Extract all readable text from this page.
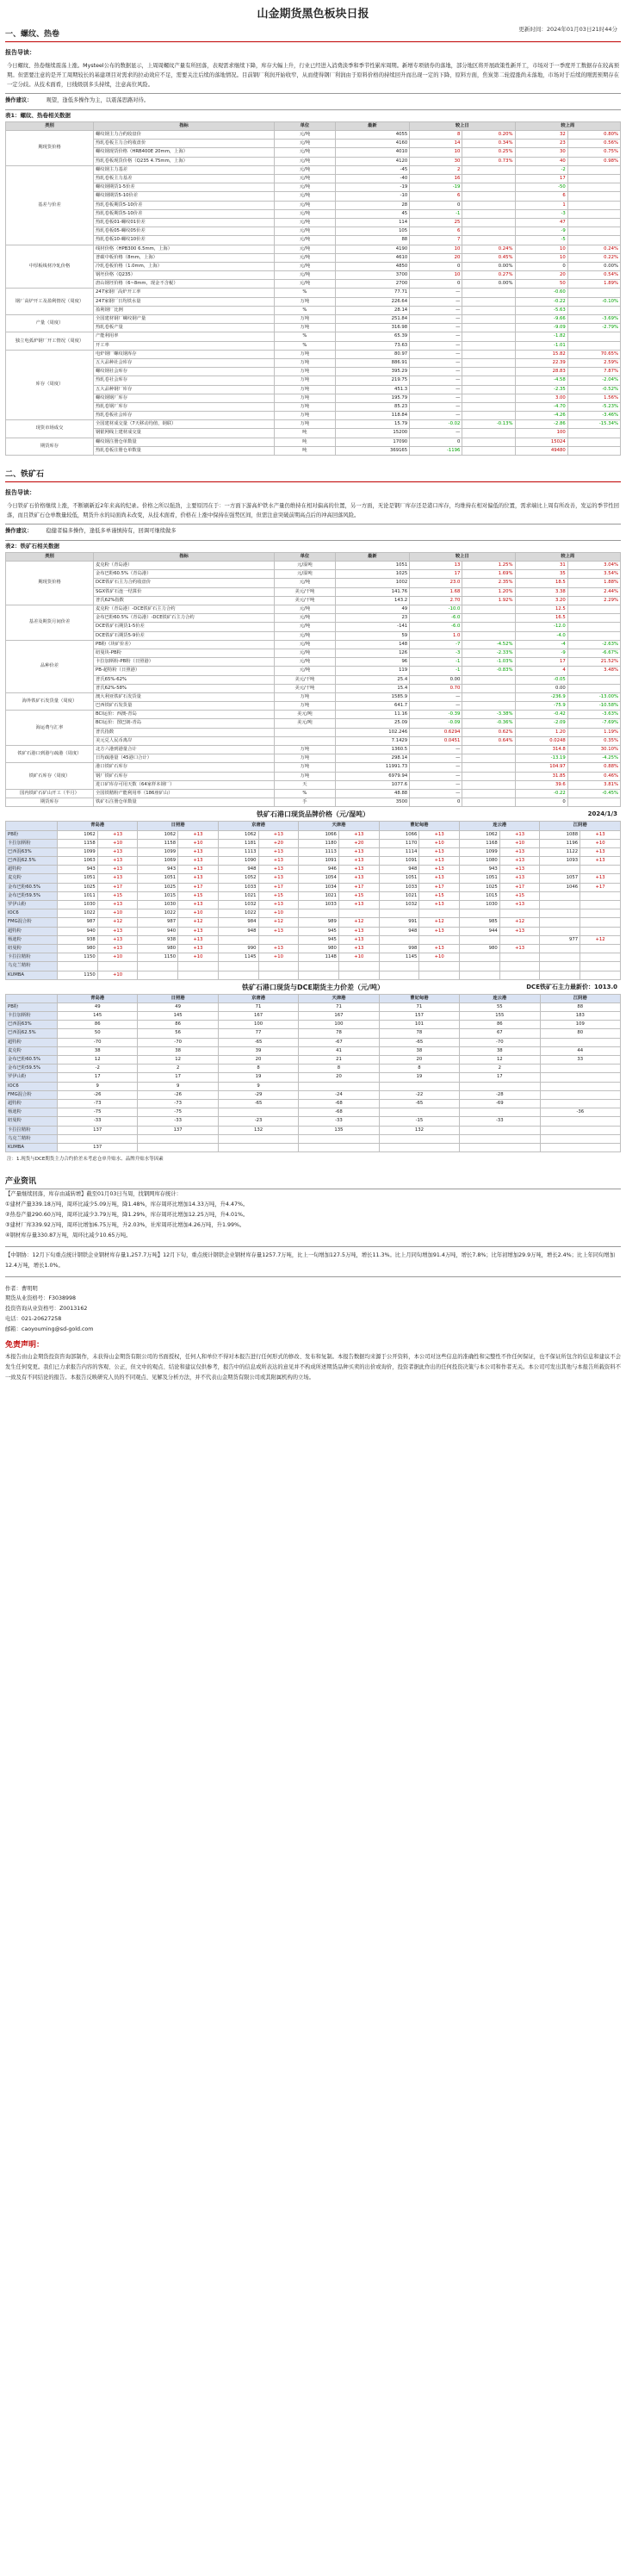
山金期货黑色板块日报
更新时间：2024年01月03日21时44分
一、螺纹、热卷
报告导读：
今日螺纹、热卷继续震荡上涨。Mysteel公布的数据显示，上周周螺纹产量有所回落，表观需求继续下降，库存大幅上升，行业已经进入消费淡季和季节性累库周期。新增专项债券的落地，部分地区将开展政策性新开工，市场对于一季度开工数据存在较高预期。但需要注意的是开工周期较长的基建项目对需求的拉动效应不足，需要关注后续的落地情况。目前钢厂利润开始收窄，从而使得钢厂利润由于原料价格的持续回升而出现一定的下降，原料方面，焦炭第二轮提涨尚未落地，市场对于后续的刚需预期存在一定分歧。从技术面看，日线级别多头持续，注意高位风险。
操作建议：	观望，逢低多操作为主，以震荡思路对待。
表1：螺纹、热卷相关数据
类别	指标	单位	最新	较上日		较上周	
期现货价格	螺纹钢主力合约收盘价	元/吨	4055	8	0.20%	32	0.80%
	热轧卷板主力合约收盘价	元/吨	4160	14	0.34%	23	0.56%
	螺纹钢现货价格（HRB400E 20mm，上海）	元/吨	4010	10	0.25%	30	0.75%
	热轧卷板现货价格（Q235 4.75mm，上海）	元/吨	4120	30	0.73%	40	0.98%
基差与价差	螺纹钢主力基差	元/吨	-45	2		-2	
	热轧卷板主力基差	元/吨	-40	16		17	
	螺纹钢期货1-5价差	元/吨	-19	-19		-50	
	螺纹钢期货5-10价差	元/吨	-10	6		6	
	热轧卷板期货5-10价差	元/吨	28	0		1	
	热轧卷板期货5-10价差	元/吨	45	-1		-3	
	热轧卷板01-螺纹01价差	元/吨	114	25		47	
	热轧卷板05-螺纹05价差	元/吨	105	6		-9	
	热轧卷板10-螺纹10价差	元/吨	88	7		-5	
中厚板线材冷轧价格	线材价格（HPB300 6.5mm，上海）	元/吨	4190	10	0.24%	10	0.24%
	普碳中板价格（8mm，上海）	元/吨	4610	20	0.45%	10	0.22%
	冷轧卷板价格（1.0mm，上海）	元/吨	4850	0	0.00%	0	0.00%
	钢坯价格（Q235）	元/吨	3700	10	0.27%	20	0.54%
	唐山钢坯价格（6~8mm，现金不含税）	元/吨	2700	0	0.00%	50	1.89%
钢厂高炉开工及盈利情况（周度）	247家钢厂高炉开工率	%	77.71	—		-0.60	
	247家钢厂日均铁水量	万吨	226.64	—		-0.22	-0.10%
	盈利钢厂比例	%	28.14	—		-5.63	
产量（周度）	全国建材钢厂螺纹钢产量	万吨	251.84	—		-9.66	-3.69%
	热轧卷板产量	万吨	316.98	—		-9.09	-2.79%
独立电弧炉钢厂开工情况（周度）	产能利用率	%	65.39	—		-1.82	
	开工率	%	73.63	—		-1.01	
库存（周度）	电炉钢厂螺纹钢库存	万吨	80.97	—		15.82	70.65%
	五大品种社会库存	万吨	886.91	—		22.39	2.59%
	螺纹钢社会库存	万吨	395.29	—		28.83	7.87%
	热轧卷社会库存	万吨	219.75	—		-4.58	-2.04%
	五大品种钢厂库存	万吨	451.3	—		-2.35	-0.52%
	螺纹钢钢厂库存	万吨	195.79	—		3.00	1.56%
	热轧卷钢厂库存	万吨	85.23	—		-4.70	-5.23%
	热轧卷板社会库存	万吨	118.84	—		-4.26	-3.46%
现货市场成交	全国建材成交量（7天移动均值，钢联）	万吨	15.79	-0.02	-0.13%	-2.86	-15.34%
	钢银网线上建材成交量	吨	15200	—		100	
期货库存	螺纹钢注册仓单数量	吨	17090	0		15024	
	热轧卷板注册仓单数量	吨	369165	-1196		49480	
二、铁矿石
报告导读：
今日铁矿石价格继续上涨，不断刷新近2年来高的纪录。价格之所以强劲，主要原因在于：一方面下游高炉铁水产量仍维持在相对偏高的位置，另一方面，无论是钢厂库存还是港口库存，均维持在相对偏低的位置，需求端比上周有所改善，发运的季节性回落，而且铁矿石仓单数量较低，期货升水的局面尚未改变，从技术面看，价格在上涨中保持在强势区间，但需注意突破前期高点后的冲高回落风险。
操作建议：	稳健者偏多操作，逢低多单谨慎持有，回调可继续做多
表2：铁矿石相关数据
类别	指标	单位	最新	较上日		较上周	
期现货价格	麦克粉（青岛港）	元/湿吨	1051	13	1.25%	31	3.04%
	金布巴粉60.5%（青岛港）	元/湿吨	1025	17	1.69%	35	3.54%
	DCE铁矿石主力合约收盘价	元/吨	1002	23.0	2.35%	18.5	1.88%
	SGX铁矿石连一结算价	美元/干吨	141.76	1.68	1.20%	3.38	2.44%
	普氏62%指数	美元/干吨	143.2	2.70	1.92%	3.20	2.29%
基差及期货月间价差	麦克粉（青岛港）-DCE铁矿石主力合约	元/吨	49	-10.0		12.5	
	金布巴粉60.5%（青岛港）-DCE铁矿石主力合约	元/吨	23	-6.0		16.5	
	DCE铁矿石期货1-5价差	元/吨	-141	-6.0		-12.0	
	DCE铁矿石期货5-9价差	元/吨	59	1.0		-4.0	
品种价差	PB粉（块矿价差）	元/吨	148	-7	-4.52%	-4	-2.63%
	纽曼块-PB粉	元/吨	126	-3	-2.33%	-9	-6.67%
	卡拉加斯粉-PB粉（日照港）	元/吨	96	-1	-1.03%	17	21.52%
	PB-超特粉（日照港）	元/吨	119	-1	-0.83%	4	3.48%
	普氏65%-62%	美元/干吨	25.4	0.00		-0.05	
	普氏62%-58%	美元/干吨	15.4	0.70		0.00	
海外铁矿石发货量（周度）	澳大利亚铁矿石发货量	万吨	1585.9	—		-236.9	-13.00%
	巴西铁矿石发货量	万吨	641.7	—		-75.9	-10.58%
海运费与汇率	BCI运价：西澳-青岛	美元/吨	11.16	-0.39	-3.38%	-0.42	-3.63%
	BCI运价：图巴朗-青岛	美元/吨	25.09	-0.09	-0.36%	-2.09	-7.69%
	普氏指数		102.246	0.6294	0.62%	1.20	1.19%
	美元兑人民币离岸		7.1429	0.0451	0.64%	0.0248	0.35%
铁矿石港口到港与疏港（周度）	北方六港到港量合计	万吨	1360.5	—		314.8	30.10%
	日均疏港量（45港口合计）	万吨	298.14	—		-13.19	-4.25%
铁矿石库存（周度）	港口铁矿石库存	万吨	11991.73	—		104.97	0.88%
	钢厂铁矿石库存	万吨	6979.94	—		31.85	0.46%
	进口矿库存可用天数（64家样本钢厂）	天	1077.6	—		39.6	3.81%
国内铁矿石矿山开工（半月）	全国铁精粉产能利用率（186座矿山）	%	48.88	—		-0.22	-0.45%
期货库存	铁矿石注册仓单数量	手	3500	0		0	
铁矿石港口现货品牌价格（元/湿吨）	2024/1/3
	青岛港		日照港		京唐港		天津港		曹妃甸港		连云港		江阴港	
PB粉	1062	+13	1062	+13	1062	+13	1066	+13	1066	+13	1062	+13	1088	+13
卡拉加斯粉	1158	+10	1158	+10	1181	+20	1180	+20	1170	+10	1168	+10	1196	+10
巴西混63%	1099	+13	1099	+13	1113	+13	1113	+13	1114	+13	1099	+13	1122	+13
巴西混62.5%	1063	+13	1069	+13	1090	+13	1091	+13	1091	+13	1080	+13	1093	+13
超特粉	943	+13	943	+13	948	+13	946	+13	948	+13	943	+13		
麦克粉	1051	+13	1051	+13	1052	+13	1054	+13	1051	+13	1051	+13	1057	+13
金布巴粉60.5%	1025	+17	1025	+17	1033	+17	1034	+17	1033	+17	1025	+17	1046	+17
金布巴粉59.5%	1011	+15	1015	+15	1021	+15	1021	+15	1021	+15	1015	+15		
罗伊山粉	1030	+13	1030	+13	1032	+13	1033	+13	1032	+13	1030	+13		
IOC6	1022	+10	1022	+10	1022	+10								
FMG混合粉	987	+12	987	+12	984	+12	989	+12	991	+12	985	+12		
超特粉	940	+13	940	+13	948	+13	945	+13	948	+13	944	+13		
杨迪粉	938	+13	938	+13			945	+13					977	+12
纽曼粉	980	+13	980	+13	990	+13	980	+13	998	+13	980	+13		
卡拉拉精粉	1150	+10	1150	+10	1145	+10	1148	+10	1145	+10				
乌克兰精粉														
KUMBA	1150	+10												
铁矿石港口现货与DCE期货主力价差（元/吨）	DCE铁矿石主力最新价：1013.0
	青岛港	日照港	京唐港	天津港	曹妃甸港	连云港	江阴港
PB粉	49	49	71	71	71	55	88
卡拉加斯粉	145	145	167	167	157	155	183
巴西混63%	86	86	100	100	101	86	109
巴西混62.5%	50	56	77	78	78	67	80
超特粉	-70	-70	-65	-67	-65	-70	
麦克粉	38	38	39	41	38	38	44
金布巴粉60.5%	12	12	20	21	20	12	33
金布巴粉59.5%	-2	2	8	8	8	2	
罗伊山粉	17	17	19	20	19	17	
IOC6	9	9	9				
FMG混合粉	-26	-26	-29	-24	-22	-28	
超特粉	-73	-73	-65	-68	-65	-69	
杨迪粉	-75	-75		-68			-36
纽曼粉	-33	-33	-23	-33	-15	-33	
卡拉拉精粉	137	137	132	135	132		
乌克兰精粉							
KUMBA	137						
注：1.现货与DCE期货主力合约价差未考虑仓单升贴水、品牌升贴水等因素
产业资讯
【产量继续回落，库存由减转增】截至01月03日当周，找钢网库存统计：
①建材产量339.18万吨，周环比减少5.09万吨，降1.48%，库存周环比增加14.33万吨，升4.47%。
②热卷产量290.60万吨，周环比减少3.79万吨，降1.29%，库存周环比增加12.25万吨，升4.01%。
③建材厂库339.92万吨，周环比增加6.75万吨，升2.03%，社库周环比增加4.26万吨，升1.99%。
④钢材库存量330.87万吨，周环比减少10.65万吨。
【中钢协：12月下旬重点统计钢铁企业钢材库存量1,257.7万吨】12月下旬，重点统计钢铁企业钢材库存量1257.7万吨，比上一旬增加127.5万吨，增长11.3%。比上月同旬增加91.4万吨，增长7.8%；比年初增加29.9万吨，增长2.4%；比上年同旬增加12.4万吨，增长1.0%。
作者：曹明明
期货从业资格号：F3038998
投资咨询从业资格号：Z0013162
电话：021-20627258
邮箱：caoyouming@sd-gold.com
免责声明：
本报告由山金期货投资咨询部制作，未获得山金期货有限公司的书面授权，任何人和单位不得对本报告进行任何形式的修改、发布和复制。本报告数据均来源于公开资料，本公司对这些信息的准确性和完整性不作任何保证，也不保证所包含的信息和建议不会发生任何变更。我们已力求报告内容的客观、公正，但文中的观点、结论和建议仅供参考，报告中的信息或所表达的意见并不构成所述期货品种买卖的出价或询价，投资者据此作出的任何投资决策与本公司和作者无关。本公司可发出其他与本报告所载资料不一致及有不同结论的报告。本报告反映研究人员的不同观点、见解及分析方法，并不代表山金期货有限公司或其附属机构的立场。
